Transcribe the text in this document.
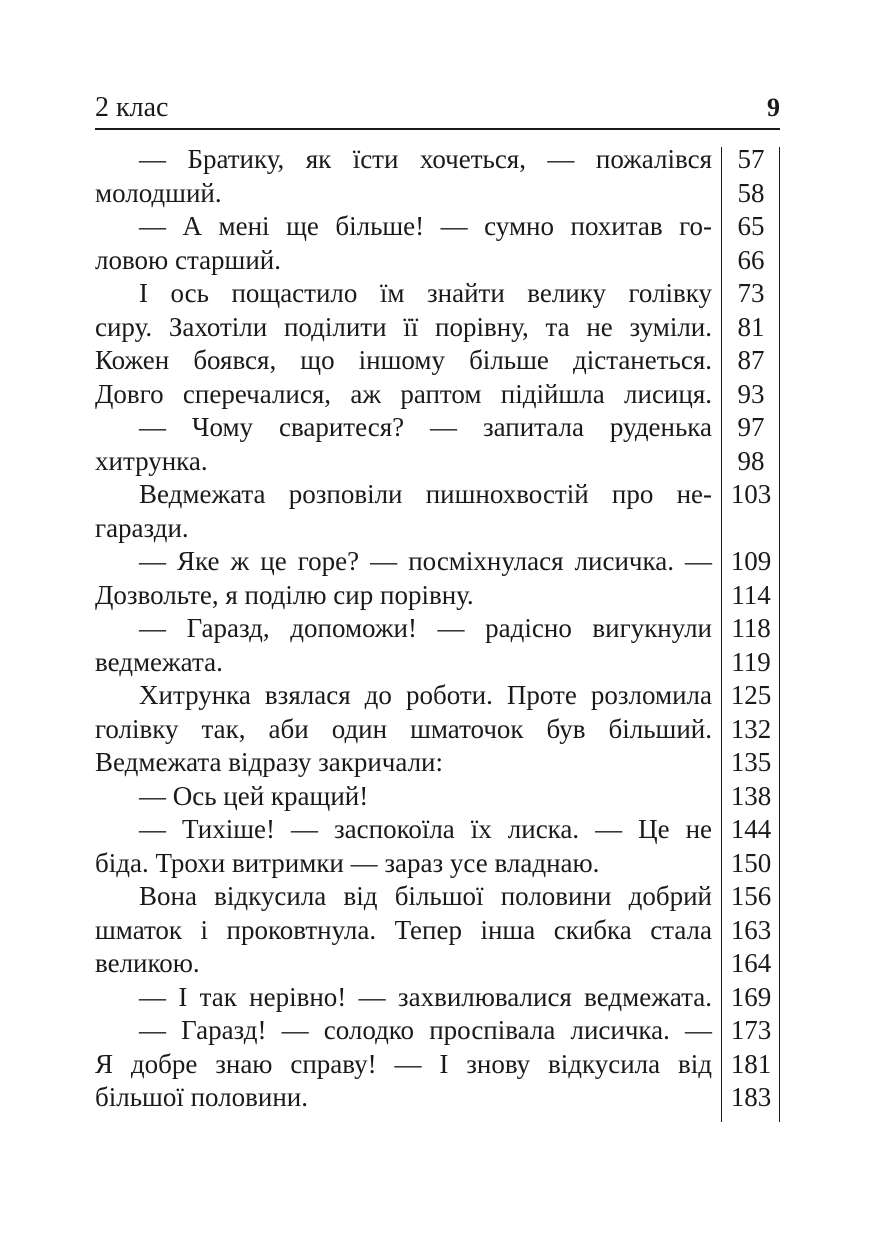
2 клас	9
— Братику, як їсти хочеться, — пожалівся
молодший.
— А мені ще більше! — сумно похитав го-
ловою старший.
І ось пощастило їм знайти велику голівку
сиру. Захотіли поділити її порівну, та не зуміли.
Кожен боявся, що іншому більше дістанеться.
Довго сперечалися, аж раптом підійшла лисиця.
— Чому сваритеся? — запитала руденька
хитрунка.
Ведмежата розповіли пишнохвостій про не-
гаразди.
— Яке ж це горе? — посміхнулася лисичка. —
Дозвольте, я поділю сир порівну.
— Гаразд, допоможи! — радісно вигукнули
ведмежата.
Хитрунка взялася до роботи. Проте розломила
голівку так, аби один шматочок був більший.
Ведмежата відразу закричали:
— Ось цей кращий!
— Тихіше! — заспокоїла їх лиска. — Це не
біда. Трохи витримки — зараз усе владнаю.
Вона відкусила від більшої половини добрий
шматок і проковтнула. Тепер інша скибка стала
великою.
— І так нерівно! — захвилювалися ведмежата.
— Гаразд! — солодко проспівала лисичка. —
Я добре знаю справу! — І знову відкусила від
більшої половини.
57
58
65
66
73
81
87
93
97
98
103
109
114
118
119
125
132
135
138
144
150
156
163
164
169
173
181
183
